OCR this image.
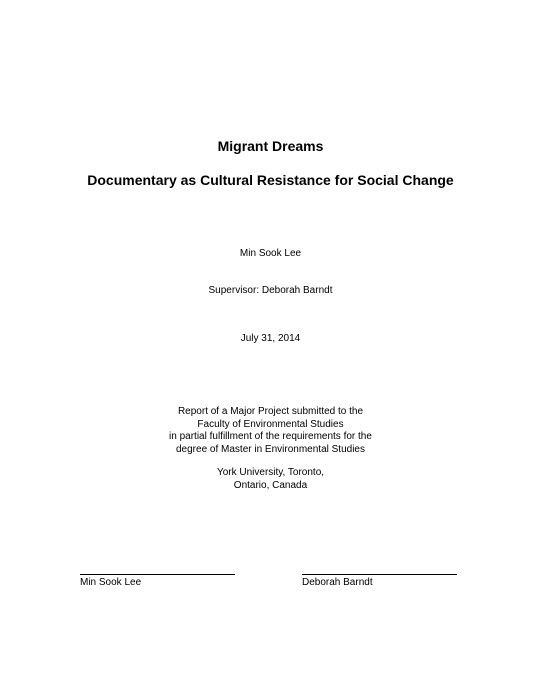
Migrant Dreams
Documentary as Cultural Resistance for Social Change
Min Sook Lee
Supervisor: Deborah Barndt
July 31, 2014
Report of a Major Project submitted to the
Faculty of Environmental Studies
in partial fulfillment of the requirements for the
degree of Master in Environmental Studies
York University, Toronto,
Ontario, Canada
Min Sook Lee	Deborah Barndt
